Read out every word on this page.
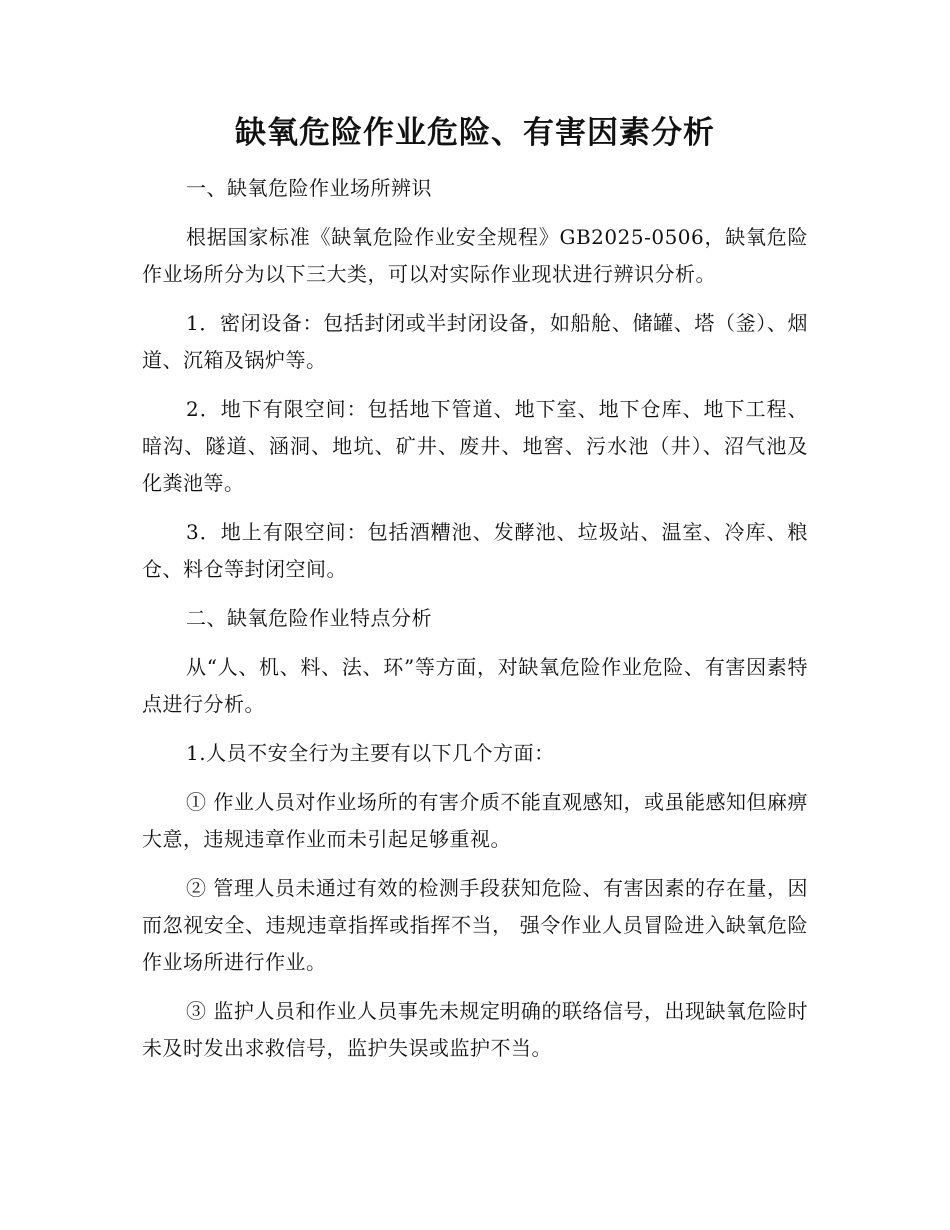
缺氧危险作业危险、有害因素分析

一、缺氧危险作业场所辨识

根据国家标准《缺氧危险作业安全规程》GB2025-0506，缺氧危险作业场所分为以下三大类，可以对实际作业现状进行辨识分析。

1．密闭设备：包括封闭或半封闭设备，如船舱、储罐、塔（釜）、烟道、沉箱及锅炉等。

2．地下有限空间：包括地下管道、地下室、地下仓库、地下工程、暗沟、隧道、涵洞、地坑、矿井、废井、地窖、污水池（井）、沼气池及化粪池等。

3．地上有限空间：包括酒糟池、发酵池、垃圾站、温室、冷库、粮仓、料仓等封闭空间。

二、缺氧危险作业特点分析

从“人、机、料、法、环”等方面，对缺氧危险作业危险、有害因素特点进行分析。

1.人员不安全行为主要有以下几个方面：

① 作业人员对作业场所的有害介质不能直观感知，或虽能感知但麻痹大意，违规违章作业而未引起足够重视。

② 管理人员未通过有效的检测手段获知危险、有害因素的存在量，因而忽视安全、违规违章指挥或指挥不当， 强令作业人员冒险进入缺氧危险作业场所进行作业。

③ 监护人员和作业人员事先未规定明确的联络信号，出现缺氧危险时未及时发出求救信号，监护失误或监护不当。
